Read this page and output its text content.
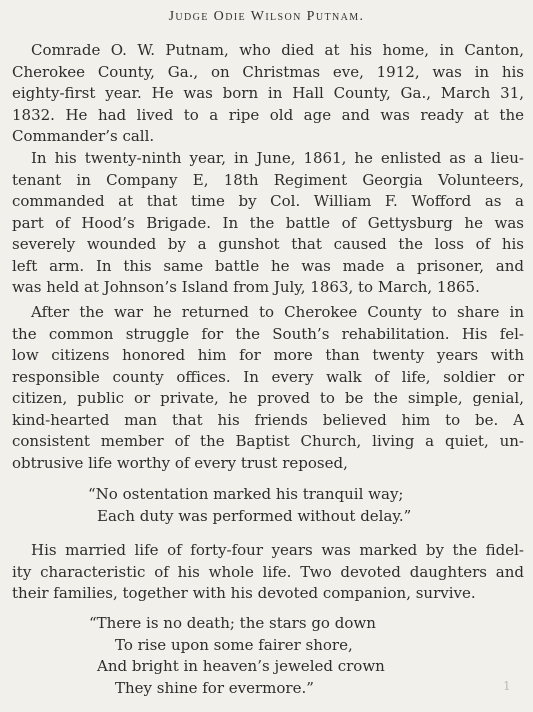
Judge Odie Wilson Putnam.
Comrade O. W. Putnam, who died at his home, in Canton,
Cherokee County, Ga., on Christmas eve, 1912, was in his
eighty-first year. He was born in Hall County, Ga., March 31,
1832. He had lived to a ripe old age and was ready at the
Commander’s call.
In his twenty-ninth year, in June, 1861, he enlisted as a lieu-
tenant in Company E, 18th Regiment Georgia Volunteers,
commanded at that time by Col. William F. Wofford as a
part of Hood’s Brigade. In the battle of Gettysburg he was
severely wounded by a gunshot that caused the loss of his
left arm. In this same battle he was made a prisoner, and
was held at Johnson’s Island from July, 1863, to March, 1865.
After the war he returned to Cherokee County to share in
the common struggle for the South’s rehabilitation. His fel-
low citizens honored him for more than twenty years with
responsible county offices. In every walk of life, soldier or
citizen, public or private, he proved to be the simple, genial,
kind-hearted man that his friends believed him to be. A
consistent member of the Baptist Church, living a quiet, un-
obtrusive life worthy of every trust reposed,
“No ostentation marked his tranquil way;
Each duty was performed without delay.”
His married life of forty-four years was marked by the fidel-
ity characteristic of his whole life. Two devoted daughters and
their families, together with his devoted companion, survive.
“There is no death; the stars go down
To rise upon some fairer shore,
And bright in heaven’s jeweled crown
They shine for evermore.”	1
